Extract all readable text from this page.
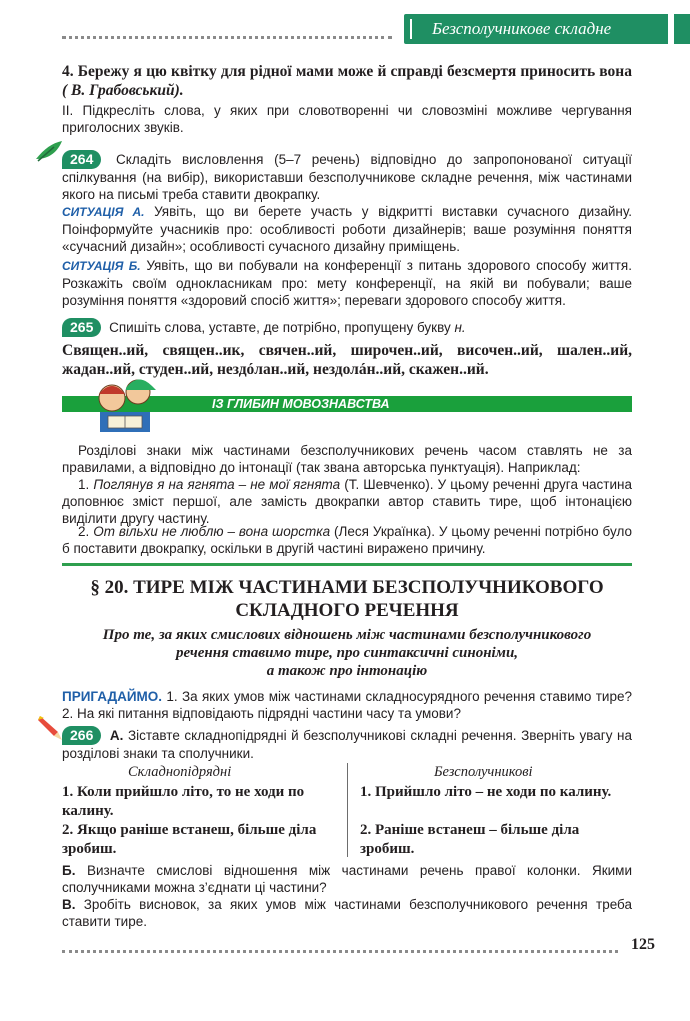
Безсполучникове складне речення
4. Бережу я цю квітку для рідної мами може й справді безсмертя приносить вона ( В. Грабовський).
ІІ. Підкресліть слова, у яких при словотворенні чи словозміні можливе чергування приголосних звуків.
264 Складіть висловлення (5–7 речень) відповідно до запропонованої ситуації спілкування (на вибір), використавши безсполучникове складне речення, між частинами якого на письмі треба ставити двокрапку.
СИТУАЦІЯ А. Уявіть, що ви берете участь у відкритті виставки сучасного дизайну. Поінформуйте учасників про: особливості роботи дизайнерів; ваше розуміння поняття «сучасний дизайн»; особливості сучасного дизайну приміщень.
СИТУАЦІЯ Б. Уявіть, що ви побували на конференції з питань здорового способу життя. Розкажіть своїм однокласникам про: мету конференції, на якій ви побували; ваше розуміння поняття «здоровий спосіб життя»; переваги здорового способу життя.
265 Спишіть слова, уставте, де потрібно, пропущену букву н.
Священ..ий, священ..ик, свячен..ий, широчен..ий, височен..ий, шален..ий, жадан..ий, студен..ий, нездóлан..ий, нездолáн..ий, скажен..ий.
ІЗ ГЛИБИН МОВОЗНАВСТВА
Розділові знаки між частинами безсполучникових речень часом ставлять не за правилами, а відповідно до інтонації (так звана авторська пунктуація). Наприклад:
1. Поглянув я на ягнята – не мої ягнята (Т. Шевченко). У цьому реченні друга частина доповнює зміст першої, але замість двокрапки автор ставить тире, щоб інтонацією виділити другу частину.
2. От вільхи не люблю – вона шорстка (Леся Українка). У цьому реченні потрібно було б поставити двокрапку, оскільки в другій частині виражено причину.
§ 20. ТИРЕ МІЖ ЧАСТИНАМИ БЕЗСПОЛУЧНИКОВОГО
СКЛАДНОГО РЕЧЕННЯ
Про те, за яких смислових відношень між частинами безсполучникового
речення ставимо тире, про синтаксичні синоніми,
а також про інтонацію
ПРИГАДАЙМО. 1. За яких умов між частинами складносурядного речення ставимо тире? 2. На які питання відповідають підрядні частини часу та умови?
266 А. Зіставте складнопідрядні й безсполучникові складні речення. Зверніть увагу на розділові знаки та сполучники.
Складнопідрядні	Безсполучникові
1. Коли прийшло літо, то не ходи по калину.
2. Якщо раніше встанеш, більше діла зробиш.
1. Прийшло літо – не ходи по калину.
2. Раніше встанеш – більше діла зробиш.
Б. Визначте смислові відношення між частинами речень правої колонки. Якими сполучниками можна з’єднати ці частини?
В. Зробіть висновок, за яких умов між частинами безсполучникового речення треба ставити тире.
125
